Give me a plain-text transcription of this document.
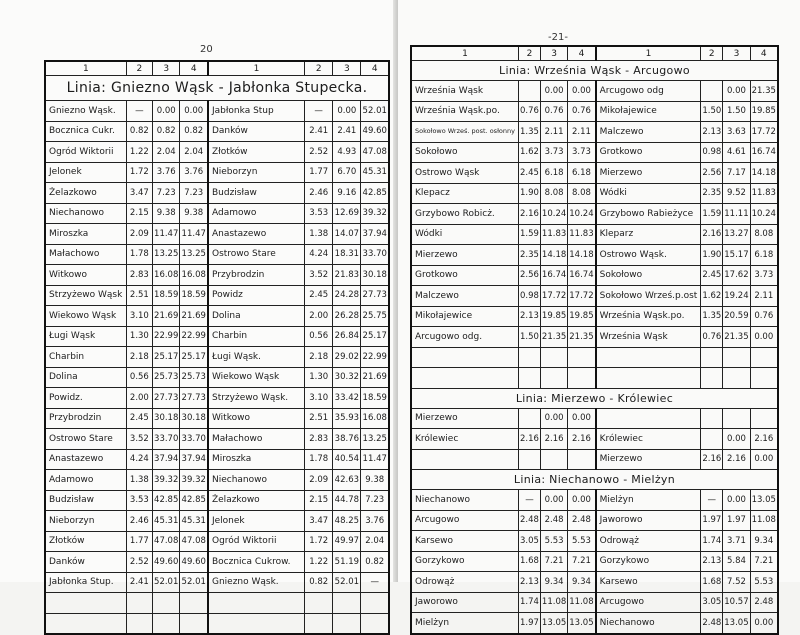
20
1	2	3	4	1	2	3	4
Linia: Gniezno Wąsk - Jabłonka Stupecka.							
Gniezno Wąsk.	—	0.00	0.00	Jabłonka Stup	—	0.00	52.01
Bocznica Cukr.	0.82	0.82	0.82	Danków	2.41	2.41	49.60
Ogród Wiktorii	1.22	2.04	2.04	Złotków	2.52	4.93	47.08
Jelonek	1.72	3.76	3.76	Nieborzyn	1.77	6.70	45.31
Żelazkowo	3.47	7.23	7.23	Budzisław	2.46	9.16	42.85
Niechanowo	2.15	9.38	9.38	Adamowo	3.53	12.69	39.32
Miroszka	2.09	11.47	11.47	Anastazewo	1.38	14.07	37.94
Małachowo	1.78	13.25	13.25	Ostrowo Stare	4.24	18.31	33.70
Witkowo	2.83	16.08	16.08	Przybrodzin	3.52	21.83	30.18
Strzyżewo Wąsk	2.51	18.59	18.59	Powidz	2.45	24.28	27.73
Wiekowo Wąsk	3.10	21.69	21.69	Dolina	2.00	26.28	25.75
Ługi Wąsk	1.30	22.99	22.99	Charbin	0.56	26.84	25.17
Charbin	2.18	25.17	25.17	Ługi Wąsk.	2.18	29.02	22.99
Dolina	0.56	25.73	25.73	Wiekowo Wąsk	1.30	30.32	21.69
Powidz.	2.00	27.73	27.73	Strzyżewo Wąsk.	3.10	33.42	18.59
Przybrodzin	2.45	30.18	30.18	Witkowo	2.51	35.93	16.08
Ostrowo Stare	3.52	33.70	33.70	Małachowo	2.83	38.76	13.25
Anastazewo	4.24	37.94	37.94	Miroszka	1.78	40.54	11.47
Adamowo	1.38	39.32	39.32	Niechanowo	2.09	42.63	9.38
Budzisław	3.53	42.85	42.85	Żelazkowo	2.15	44.78	7.23
Nieborzyn	2.46	45.31	45.31	Jelonek	3.47	48.25	3.76
Złotków	1.77	47.08	47.08	Ogród Wiktorii	1.72	49.97	2.04
Danków	2.52	49.60	49.60	Bocznica Cukrow.	1.22	51.19	0.82
Jabłonka Stup.	2.41	52.01	52.01	Gniezno Wąsk.	0.82	52.01	—

-21-
1	2	3	4	1	2	3	4
Linia: Września Wąsk - Arcugowo							
Września Wąsk		0.00	0.00	Arcugowo odg		0.00	21.35
Września Wąsk.po.	0.76	0.76	0.76	Mikołajewice	1.50	1.50	19.85
Sokołowo Wrześ. post. osłonny	1.35	2.11	2.11	Malczewo	2.13	3.63	17.72
Sokołowo	1.62	3.73	3.73	Grotkowo	0.98	4.61	16.74
Ostrowo Wąsk	2.45	6.18	6.18	Mierzewo	2.56	7.17	14.18
Klepacz	1.90	8.08	8.08	Wódki	2.35	9.52	11.83
Grzybowo Robicż.	2.16	10.24	10.24	Grzybowo Rabieżyce	1.59	11.11	10.24
Wódki	1.59	11.83	11.83	Kleparz	2.16	13.27	8.08
Mierzewo	2.35	14.18	14.18	Ostrowo Wąsk.	1.90	15.17	6.18
Grotkowo	2.56	16.74	16.74	Sokołowo	2.45	17.62	3.73
Malczewo	0.98	17.72	17.72	Sokołowo Wrześ.p.ost	1.62	19.24	2.11
Mikołajewice	2.13	19.85	19.85	Września Wąsk.po.	1.35	20.59	0.76
Arcugowo odg.	1.50	21.35	21.35	Września Wąsk	0.76	21.35	0.00

Linia: Mierzewo - Królewiec							
Mierzewo		0.00	0.00				
Królewiec	2.16	2.16	2.16	Królewiec		0.00	2.16
				Mierzewo	2.16	2.16	0.00
Linia: Niechanowo - Mielżyn							
Niechanowo	—	0.00	0.00	Mielżyn	—	0.00	13.05
Arcugowo	2.48	2.48	2.48	Jaworowo	1.97	1.97	11.08
Karsewo	3.05	5.53	5.53	Odrowąż	1.74	3.71	9.34
Gorzykowo	1.68	7.21	7.21	Gorzykowo	2.13	5.84	7.21
Odrowąż	2.13	9.34	9.34	Karsewo	1.68	7.52	5.53
Jaworowo	1.74	11.08	11.08	Arcugowo	3.05	10.57	2.48
Mielżyn	1.97	13.05	13.05	Niechanowo	2.48	13.05	0.00
